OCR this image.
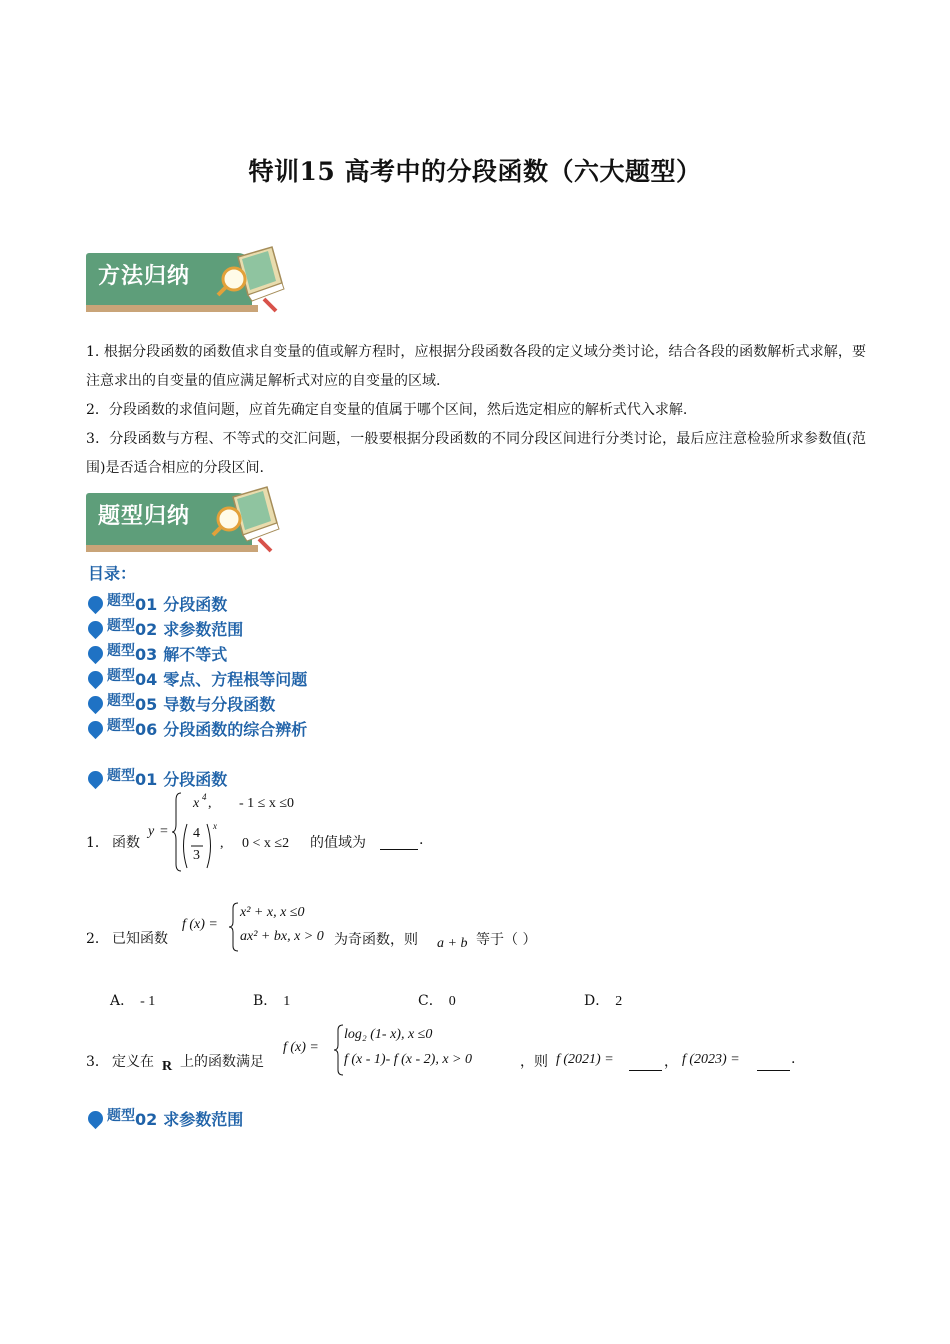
特训15 高考中的分段函数（六大题型）
方法归纳
1. 根据分段函数的函数值求自变量的值或解方程时，应根据分段函数各段的定义域分类讨论，结合各段的函数解析式求解，要注意求出的自变量的值应满足解析式对应的自变量的区域.
2．分段函数的求值问题，应首先确定自变量的值属于哪个区间，然后选定相应的解析式代入求解.
3．分段函数与方程、不等式的交汇问题，一般要根据分段函数的不同分段区间进行分类讨论，最后应注意检验所求参数值(范围)是否适合相应的分段区间.
题型归纳
目录：
题型01 分段函数
题型02 求参数范围
题型03 解不等式
题型04 零点、方程根等问题
题型05 导数与分段函数
题型06 分段函数的综合辨析
题型01 分段函数
1． 函数
y =
x 4 , - 1 ≤ x ≤0
4
3
x
, 0 < x ≤2 的值域为	.
2． 已知函数
f (x) =
x² + x, x ≤0
ax² + bx, x > 0 为奇函数，则 a + b 等于（ ）
A． - 1	B． 1	C． 0	D． 2
3． 定义在 R 上的函数满足
f (x) =
log₂ (1- x), x ≤0
f (x - 1)- f (x - 2), x > 0	，则 f (2021) =	， f (2023) =	.
题型02 求参数范围
